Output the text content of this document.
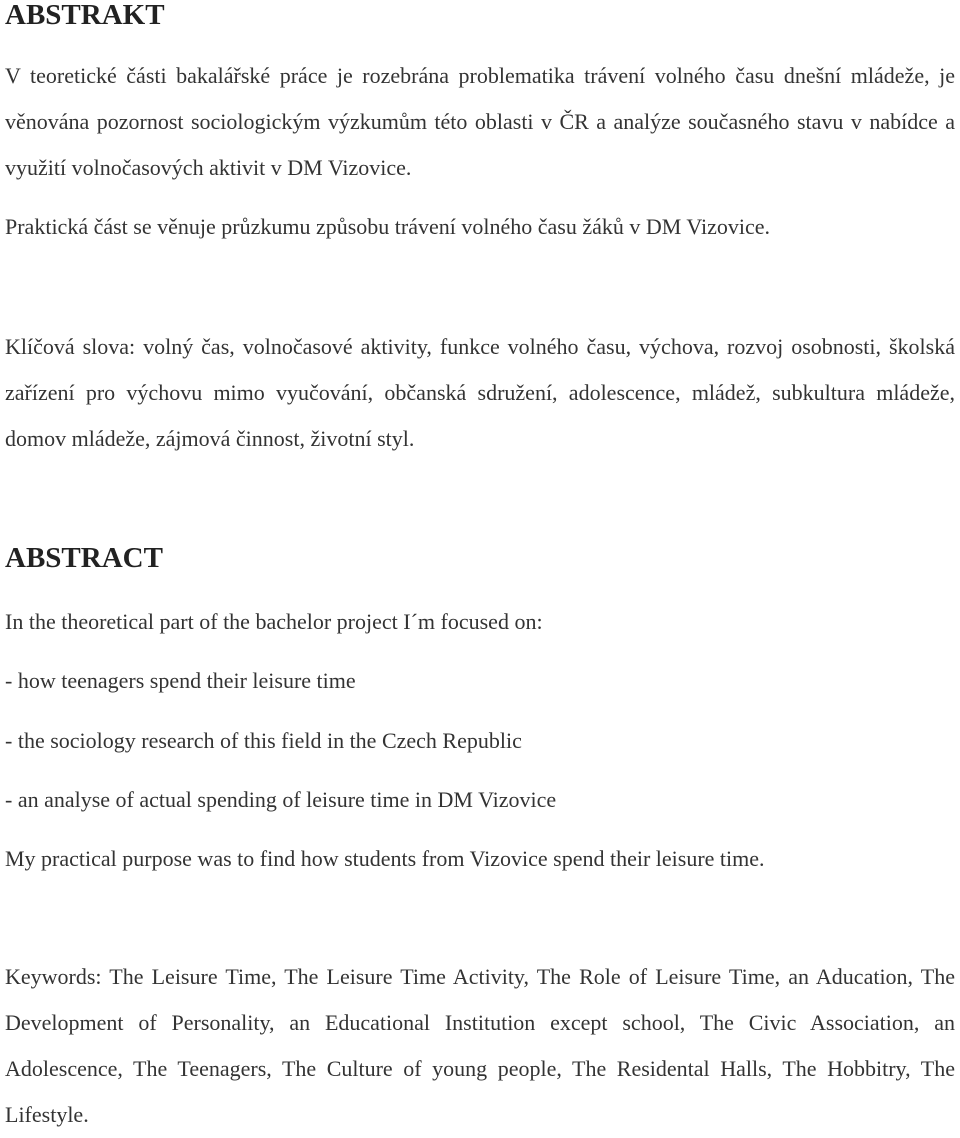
ABSTRAKT

V teoretické části bakalářské práce je rozebrána problematika trávení volného času dnešní mládeže, je věnována pozornost sociologickým výzkumům této oblasti v ČR a analýze současného stavu v nabídce a využití volnočasových aktivit v DM Vizovice.

Praktická část se věnuje průzkumu způsobu trávení volného času žáků v DM Vizovice.

Klíčová slova: volný čas, volnočasové aktivity, funkce volného času, výchova, rozvoj osobnosti, školská zařízení pro výchovu mimo vyučování, občanská sdružení, adolescence, mládež, subkultura mládeže, domov mládeže, zájmová činnost, životní styl.

ABSTRACT

In the theoretical part of the bachelor project I´m focused on:

- how teenagers spend their leisure time

- the sociology research of this field in the Czech Republic

- an analyse of actual spending of leisure time in DM Vizovice

My practical purpose was to find how students from Vizovice spend their leisure time.

Keywords: The Leisure Time, The Leisure Time Activity, The Role of Leisure Time, an Aducation, The Development of Personality, an Educational Institution except school, The Civic Association, an Adolescence, The Teenagers, The Culture of young people, The Residental Halls, The Hobbitry, The Lifestyle.
